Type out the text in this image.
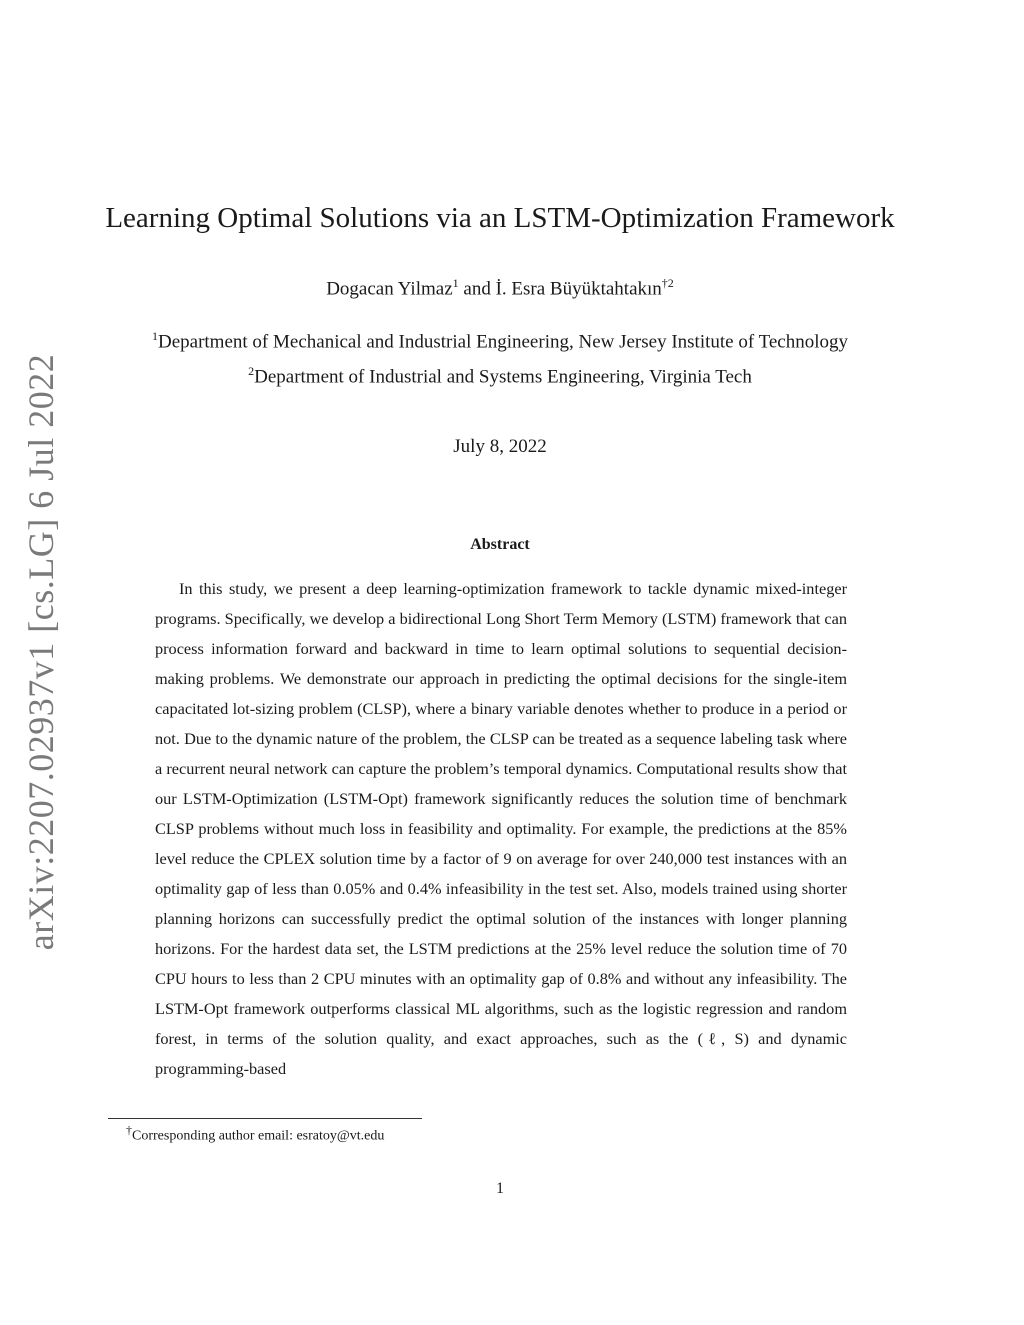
arXiv:2207.02937v1 [cs.LG] 6 Jul 2022
Learning Optimal Solutions via an LSTM-Optimization Framework
Dogacan Yilmaz$^1$ and İ. Esra Büyüktahtakın$^{\dagger 2}$
$^1$Department of Mechanical and Industrial Engineering, New Jersey Institute of Technology
$^2$Department of Industrial and Systems Engineering, Virginia Tech
July 8, 2022
Abstract

In this study, we present a deep learning-optimization framework to tackle dynamic mixed-integer programs. Specifically, we develop a bidirectional Long Short Term Memory (LSTM) framework that can process information forward and backward in time to learn optimal solutions to sequential decision-making problems. We demonstrate our approach in predicting the optimal decisions for the single-item capacitated lot-sizing problem (CLSP), where a binary variable denotes whether to produce in a period or not. Due to the dynamic nature of the problem, the CLSP can be treated as a sequence labeling task where a recurrent neural network can capture the problem’s temporal dynamics. Computational results show that our LSTM-Optimization (LSTM-Opt) framework significantly reduces the solution time of benchmark CLSP problems without much loss in feasibility and optimality. For example, the predictions at the 85% level reduce the CPLEX solution time by a factor of 9 on average for over 240,000 test instances with an optimality gap of less than 0.05% and 0.4% infeasibility in the test set. Also, models trained using shorter planning horizons can successfully predict the optimal solution of the instances with longer planning horizons. For the hardest data set, the LSTM predictions at the 25% level reduce the solution time of 70 CPU hours to less than 2 CPU minutes with an optimality gap of 0.8% and without any infeasibility. The LSTM-Opt framework outperforms classical ML algorithms, such as the logistic regression and random forest, in terms of the solution quality, and exact approaches, such as the (ℓ, S) and dynamic programming-based

†Corresponding author email: esratoy@vt.edu
1
